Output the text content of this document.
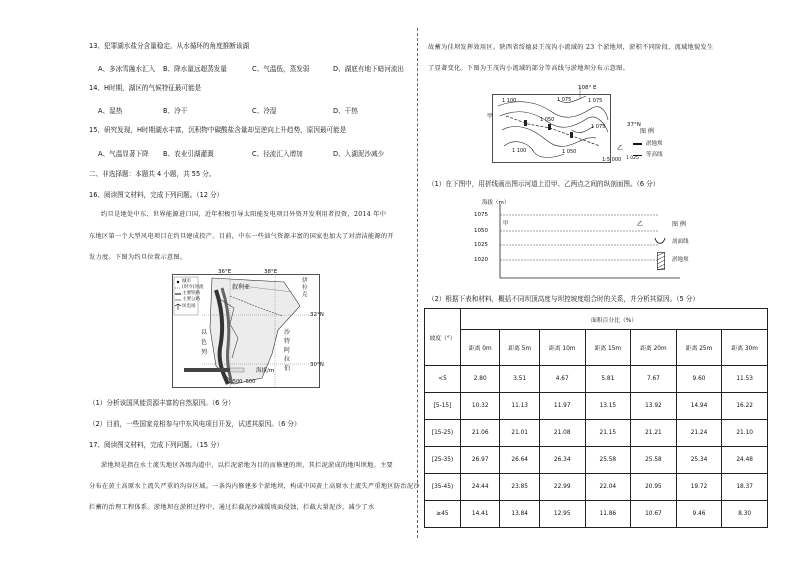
13、犯罪湖水盐分含量稳定，从水循环的角度推断该湖
A、多冰雪融水汇入 B、降水量远超蒸发量	C、气温低，蒸发弱	D、湖底有地下暗河流出
14、H时期，湖区的气候特征最可能是
A、湿热	B、冷干	C、冷湿	D、干热
15、研究发现，H时期湖水丰富，沉积物中碳酸盐含量却呈逆向上升趋势，原因最可能是
A、气温显著下降 B、农业引湖灌溉	C、径流汇入增加	D、入湖泥沙减少
二、非选择题：本题共 4 小题，共 55 分。
16、阅读图文材料，完成下列问题。（12 分）
约旦是地处中东、世界能源进口国，近年积极引导太阳能发电项目外资开发利用者投资，2014 年中
东地区第一个大型风电项目在约旦建成投产。目前，中东一些油气资源丰富的国家也加大了对清洁能源的开
发力度。下图为约旦位置示意图。
36°E	38°E
32°N
30°N
城市
(时令)河流
主要铁路
主要公路
风电场
叙利亚
伊拉克
沙特阿拉伯
以色列
海拔/m
1 500 -500
（1）分析该国风能资源丰富的自然原因。（6 分）
（2）目前，一些国家竞相参与中东风电项目开发，试述其原因。（6 分）
17、阅读图文材料，完成下列问题。（15 分）
淤地坝是指在水土流失地区各级沟道中，以拦泥淤地为目的而修建的坝，其拦泥淤成的地叫坝地。主要
分布在黄土高原水土流失严重的沟谷区域。一条沟内修建多个淤地坝，构成中国黄土高原水土流失严重地区防治泥沙
拦蓄的治理工程体系。淤地坝在淤积过程中，通过拦截泥沙减缓坡面侵蚀，拦截大量泥沙，减少了水
故蓄为佳坝发挥效用区。陕西省绥德县王茂沟小流域的 23 个淤地坝，淤积不同阶段，流域地貌发生
了显著变化。下图为王茂沟小流域的部分等高线与淤地坝分布示意图。
108° E
37°N
1 075	1 075
1 100
1 050
1 075
1 100	1 050
甲
乙
1:5 000
图 例
淤地坝
1 025
等高线
（1）在下图中，用折线画出图示河道上沿甲、乙两点之间的纵剖面图。（6 分）
海拔（m）
1075
1050
1025
1020
甲	乙	图 例
剖面线
淤地坝
（2）根据下表和材料，概括不同坝顶高度与坝控坡度组合时的关系，并分析其原因。（5 分）
坡度（°）	面积百分比（%）						
	距离 0m	距离 5m	距离 10m	距离 15m	距离 20m	距离 25m	距离 30m
<5	2.80	3.51	4.67	5.81	7.67	9.60	11.53
[5-15]	10.32	11.13	11.97	13.15	13.92	14.94	16.22
[15-25)	21.06	21.01	21.08	21.15	21.21	21.24	21.10
[25-35)	26.97	26.64	26.34	25.58	25.58	25.34	24.48
[35-45)	24.44	23.85	22.99	22.04	20.95	19.72	18.37
≥45	14.41	13.84	12.95	11.86	10.67	9.46	8.30
